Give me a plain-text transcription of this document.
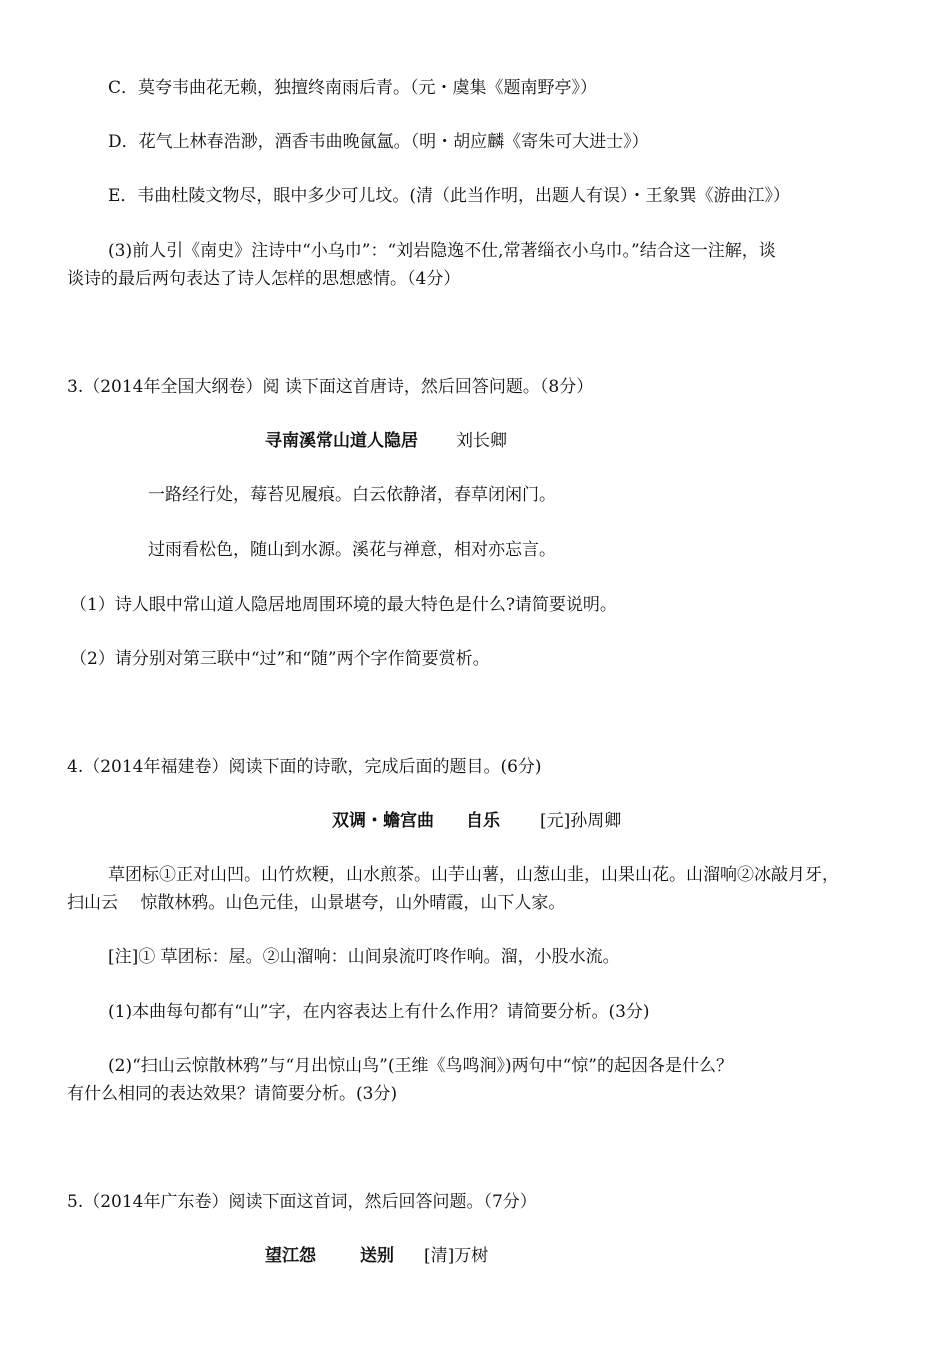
C．莫夸韦曲花无赖，独擅终南雨后青。（元・虞集《题南野亭》）
D．花气上林春浩渺，酒香韦曲晚氤氲。（明・胡应麟《寄朱可大进士》）
E．韦曲杜陵文物尽，眼中多少可儿坟。(清（此当作明，出题人有误）・王象巽《游曲江》）
(3)前人引《南史》注诗中“小乌巾”：“刘岩隐逸不仕,常著缁衣小乌巾。”结合这一注解，谈
谈诗的最后两句表达了诗人怎样的思想感情。（4分）
3.（2014年全国大纲卷）阅 读下面这首唐诗，然后回答问题。（8分）
寻南溪常山道人隐居 刘长卿
一路经行处，莓苔见履痕。白云依静渚，春草闭闲门。
过雨看松色，随山到水源。溪花与禅意，相对亦忘言。
（1）诗人眼中常山道人隐居地周围环境的最大特色是什么?请简要说明。
（2）请分别对第三联中“过”和“随”两个字作简要赏析。
4.（2014年福建卷）阅读下面的诗歌，完成后面的题目。(6分)
双调・蟾宫曲 自乐 [元]孙周卿
草团标①正对山凹。山竹炊粳，山水煎茶。山芋山薯，山葱山韭，山果山花。山溜响②冰敲月牙，
扫山云　 惊散林鸦。山色元佳，山景堪夸，山外晴霞，山下人家。
[注]① 草团标：屋。②山溜响：山间泉流叮咚作响。溜，小股水流。
(1)本曲每句都有“山”字，在内容表达上有什么作用？请简要分析。(3分)
(2)“扫山云惊散林鸦”与“月出惊山鸟”(王维《鸟鸣涧》)两句中“惊”的起因各是什么？
有什么相同的表达效果？请简要分析。(3分)
5.（2014年广东卷）阅读下面这首词，然后回答问题。（7分）
望江怨	送别 [清]万树
